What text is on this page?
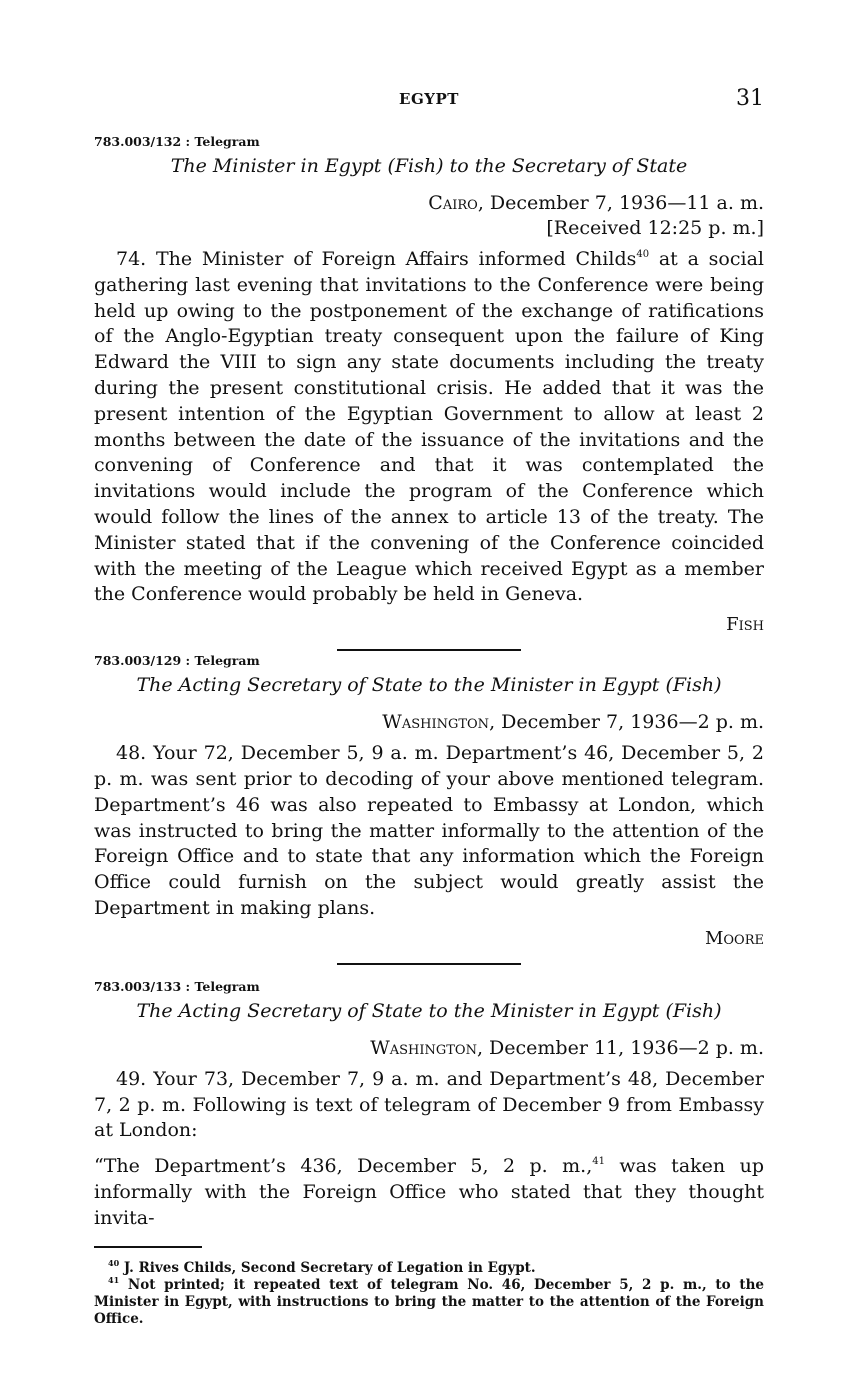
EGYPT	31
783.003/132 : Telegram
The Minister in Egypt (Fish) to the Secretary of State
Cairo, December 7, 1936—11 a. m.
[Received 12:25 p. m.]

74. The Minister of Foreign Affairs informed Childs$^{40}$ at a social gathering last evening that invitations to the Conference were being held up owing to the postponement of the exchange of ratifications of the Anglo-Egyptian treaty consequent upon the failure of King Edward the VIII to sign any state documents including the treaty during the present constitutional crisis. He added that it was the present intention of the Egyptian Government to allow at least 2 months between the date of the issuance of the invitations and the convening of Conference and that it was contemplated the invitations would include the program of the Conference which would follow the lines of the annex to article 13 of the treaty. The Minister stated that if the convening of the Conference coincided with the meeting of the League which received Egypt as a member the Conference would probably be held in Geneva.

Fish
783.003/129 : Telegram
The Acting Secretary of State to the Minister in Egypt (Fish)
Washington, December 7, 1936—2 p. m.

48. Your 72, December 5, 9 a. m. Department’s 46, December 5, 2 p. m. was sent prior to decoding of your above mentioned telegram. Department’s 46 was also repeated to Embassy at London, which was instructed to bring the matter informally to the attention of the Foreign Office and to state that any information which the Foreign Office could furnish on the subject would greatly assist the Department in making plans.

Moore
783.003/133 : Telegram
The Acting Secretary of State to the Minister in Egypt (Fish)
Washington, December 11, 1936—2 p. m.

49. Your 73, December 7, 9 a. m. and Department’s 48, December 7, 2 p. m. Following is text of telegram of December 9 from Embassy at London:

“The Department’s 436, December 5, 2 p. m.,$^{41}$ was taken up informally with the Foreign Office who stated that they thought invita-

$^{40}$ J. Rives Childs, Second Secretary of Legation in Egypt.
$^{41}$ Not printed; it repeated text of telegram No. 46, December 5, 2 p. m., to the Minister in Egypt, with instructions to bring the matter to the attention of the Foreign Office.
